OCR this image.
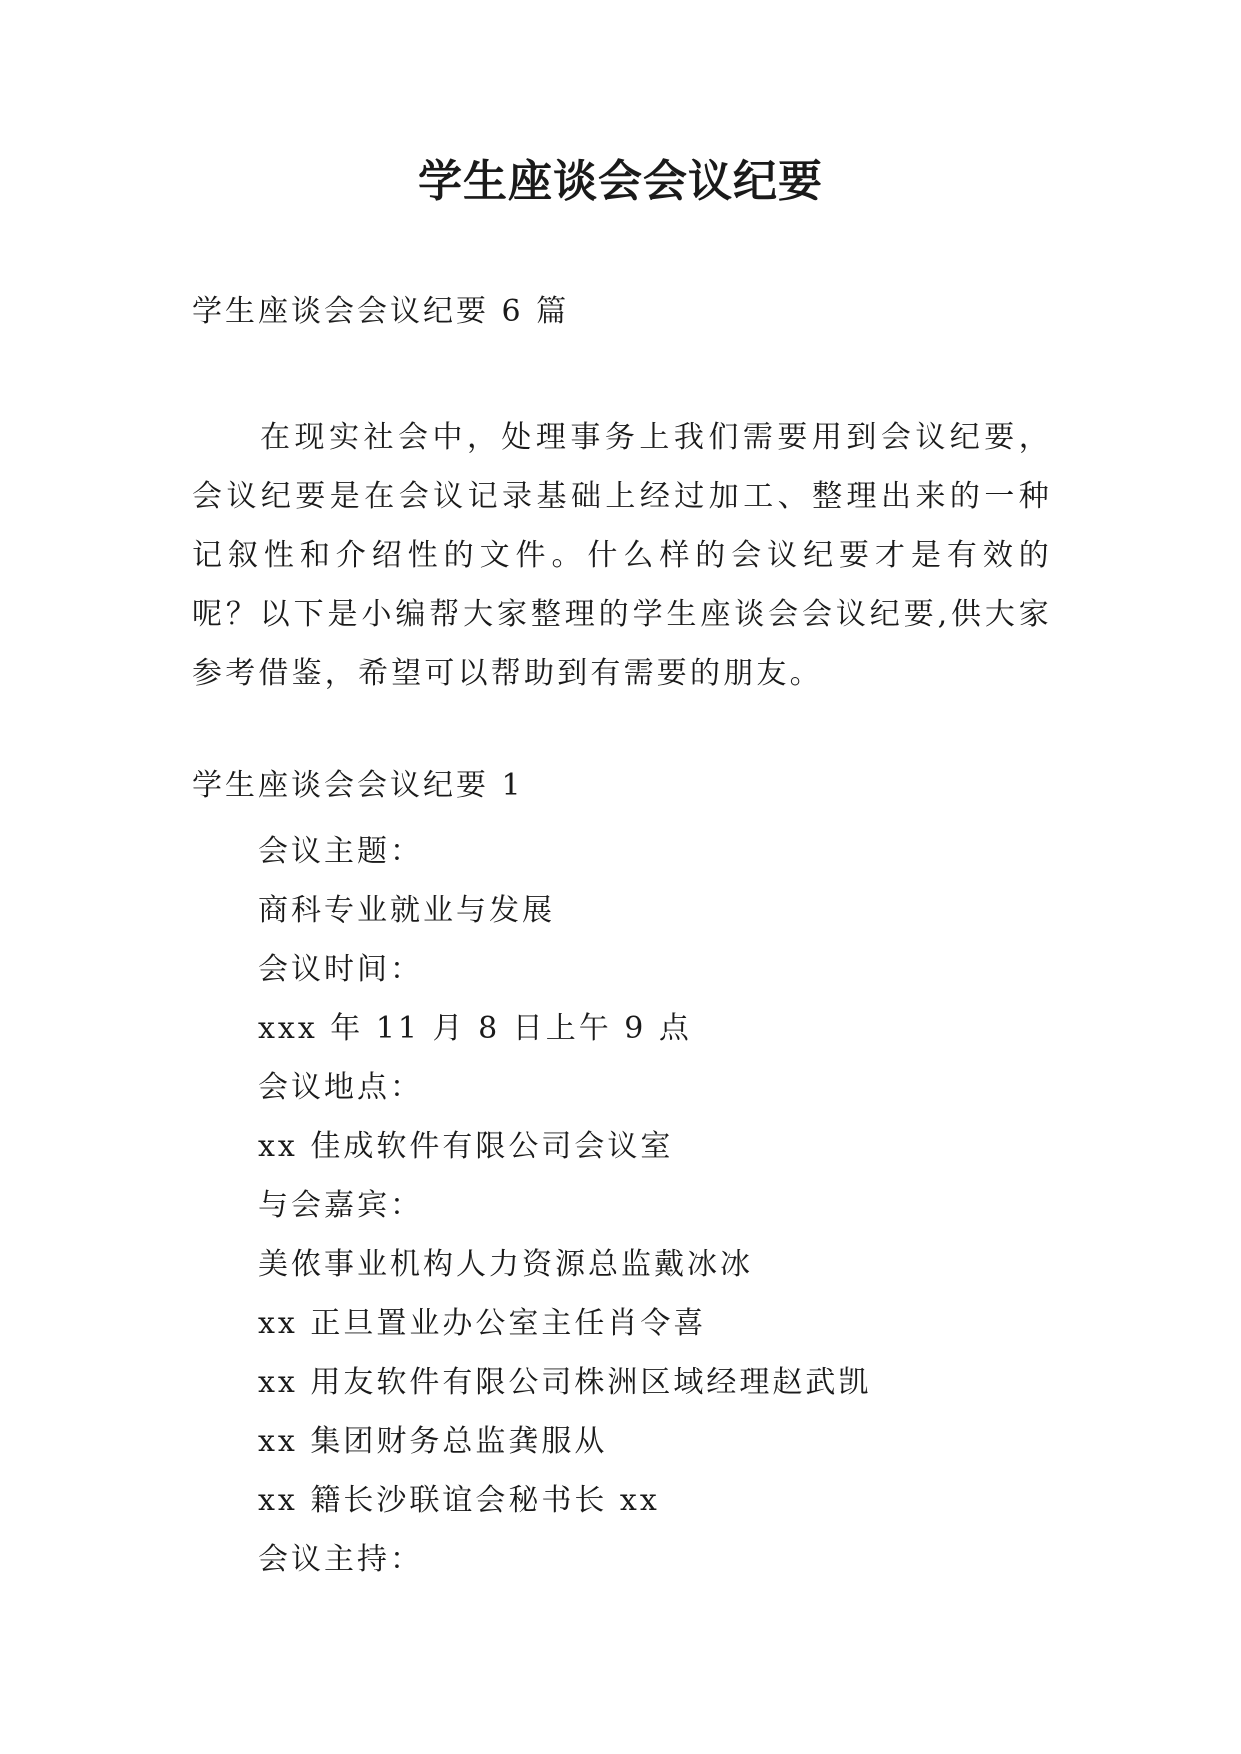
学生座谈会会议纪要
学生座谈会会议纪要 6 篇

在现实社会中，处理事务上我们需要用到会议纪要，会议纪要是在会议记录基础上经过加工、整理出来的一种记叙性和介绍性的文件。什么样的会议纪要才是有效的呢？以下是小编帮大家整理的学生座谈会会议纪要,供大家参考借鉴，希望可以帮助到有需要的朋友。

学生座谈会会议纪要 1
会议主题：
商科专业就业与发展
会议时间：
xxx 年 11 月 8 日上午 9 点
会议地点：
xx 佳成软件有限公司会议室
与会嘉宾：
美侬事业机构人力资源总监戴冰冰
xx 正旦置业办公室主任肖令喜
xx 用友软件有限公司株洲区域经理赵武凯
xx 集团财务总监龚服从
xx 籍长沙联谊会秘书长 xx
会议主持：
